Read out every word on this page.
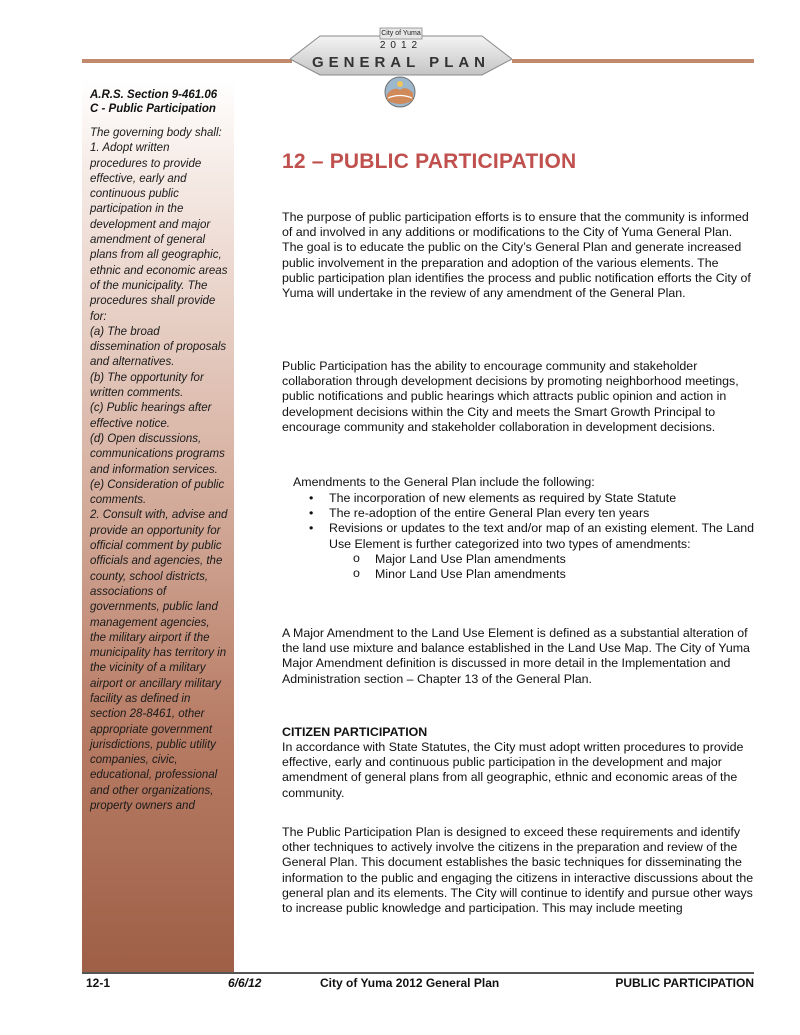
City of Yuma
2012
GENERAL PLAN

A.R.S. Section 9-461.06 C - Public Participation

The governing body shall:
1. Adopt written procedures to provide effective, early and continuous public participation in the development and major amendment of general plans from all geographic, ethnic and economic areas of the municipality. The procedures shall provide for:
(a) The broad dissemination of proposals and alternatives.
(b) The opportunity for written comments.
(c) Public hearings after effective notice.
(d) Open discussions, communications programs and information services.
(e) Consideration of public comments.
2. Consult with, advise and provide an opportunity for official comment by public officials and agencies, the county, school districts, associations of governments, public land management agencies, the military airport if the municipality has territory in the vicinity of a military airport or ancillary military facility as defined in section 28-8461, other appropriate government jurisdictions, public utility companies, civic, educational, professional and other organizations, property owners and

12 – PUBLIC PARTICIPATION

The purpose of public participation efforts is to ensure that the community is informed of and involved in any additions or modifications to the City of Yuma General Plan. The goal is to educate the public on the City’s General Plan and generate increased public involvement in the preparation and adoption of the various elements. The public participation plan identifies the process and public notification efforts the City of Yuma will undertake in the review of any amendment of the General Plan.

Public Participation has the ability to encourage community and stakeholder collaboration through development decisions by promoting neighborhood meetings, public notifications and public hearings which attracts public opinion and action in development decisions within the City and meets the Smart Growth Principal to encourage community and stakeholder collaboration in development decisions.

Amendments to the General Plan include the following:

• The incorporation of new elements as required by State Statute
• The re-adoption of the entire General Plan every ten years
• Revisions or updates to the text and/or map of an existing element. The Land Use Element is further categorized into two types of amendments:
o Major Land Use Plan amendments
o Minor Land Use Plan amendments

A Major Amendment to the Land Use Element is defined as a substantial alteration of the land use mixture and balance established in the Land Use Map. The City of Yuma Major Amendment definition is discussed in more detail in the Implementation and Administration section – Chapter 13 of the General Plan.

CITIZEN PARTICIPATION

In accordance with State Statutes, the City must adopt written procedures to provide effective, early and continuous public participation in the development and major amendment of general plans from all geographic, ethnic and economic areas of the community.

The Public Participation Plan is designed to exceed these requirements and identify other techniques to actively involve the citizens in the preparation and review of the General Plan. This document establishes the basic techniques for disseminating the information to the public and engaging the citizens in interactive discussions about the general plan and its elements. The City will continue to identify and pursue other ways to increase public knowledge and participation. This may include meeting

12-1	6/6/12	City of Yuma 2012 General Plan	PUBLIC PARTICIPATION
